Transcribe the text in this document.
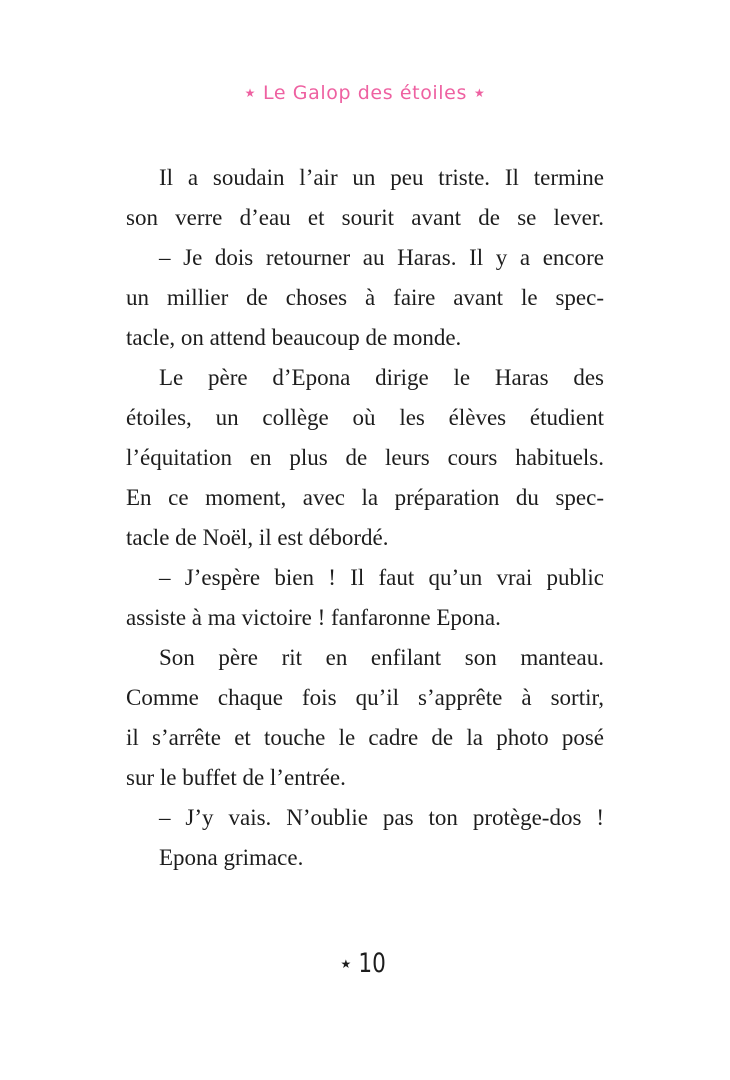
★ Le Galop des étoiles ★

Il a soudain l’air un peu triste. Il termine
son verre d’eau et sourit avant de se lever.

– Je dois retourner au Haras. Il y a encore
un millier de choses à faire avant le spec-
tacle, on attend beaucoup de monde.

Le père d’Epona dirige le Haras des
étoiles, un collège où les élèves étudient
l’équitation en plus de leurs cours habituels.
En ce moment, avec la préparation du spec-
tacle de Noël, il est débordé.

– J’espère bien ! Il faut qu’un vrai public
assiste à ma victoire ! fanfaronne Epona.

Son père rit en enfilant son manteau.
Comme chaque fois qu’il s’apprête à sortir,
il s’arrête et touche le cadre de la photo posé
sur le buffet de l’entrée.

– J’y vais. N’oublie pas ton protège-dos !

Epona grimace.

★ 10
